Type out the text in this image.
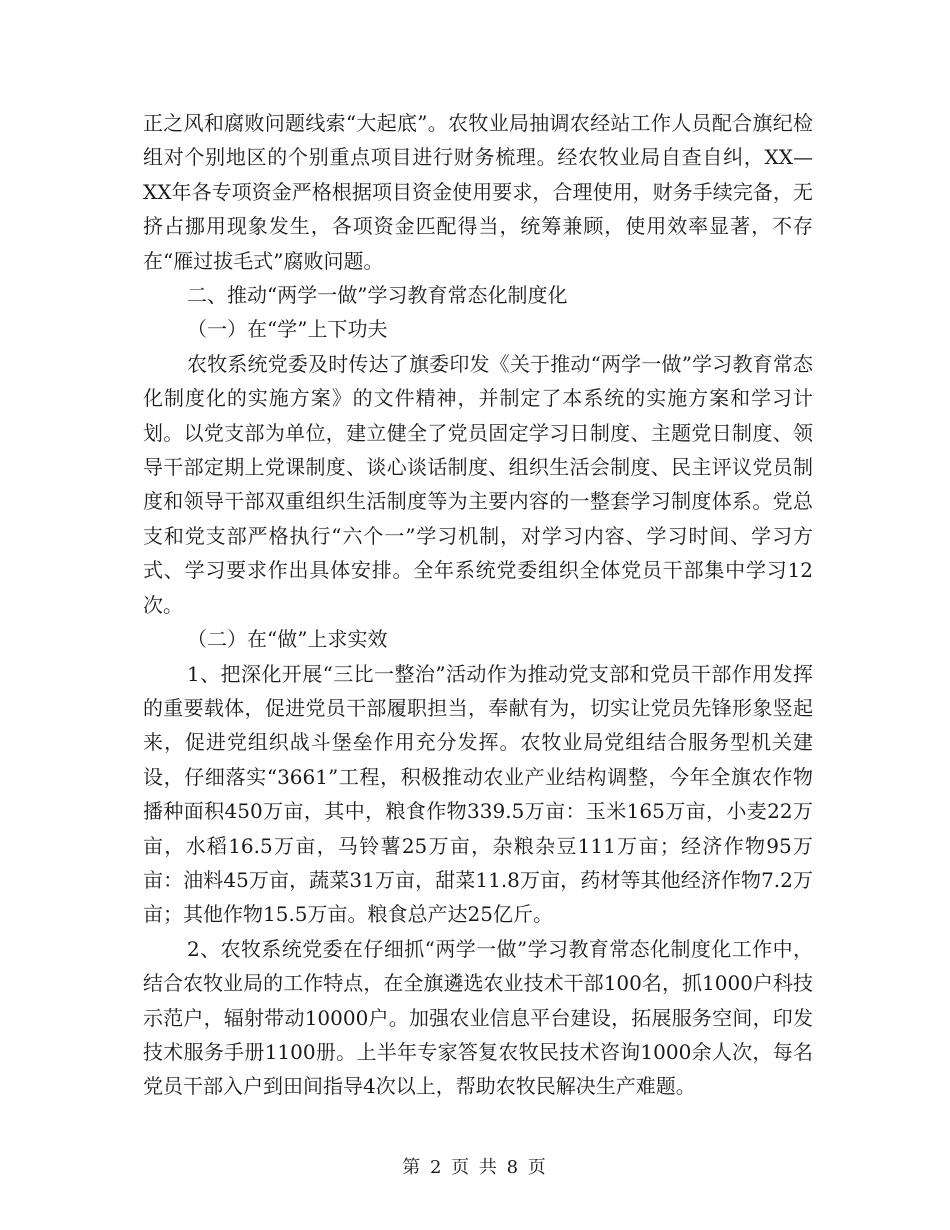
正之风和腐败问题线索“大起底”。农牧业局抽调农经站工作人员配合旗纪检组对个别地区的个别重点项目进行财务梳理。经农牧业局自查自纠，XX—XX年各专项资金严格根据项目资金使用要求，合理使用，财务手续完备，无挤占挪用现象发生，各项资金匹配得当，统筹兼顾，使用效率显著，不存在“雁过拔毛式”腐败问题。

二、推动“两学一做”学习教育常态化制度化

（一）在“学”上下功夫

农牧系统党委及时传达了旗委印发《关于推动“两学一做”学习教育常态化制度化的实施方案》的文件精神，并制定了本系统的实施方案和学习计划。以党支部为单位，建立健全了党员固定学习日制度、主题党日制度、领导干部定期上党课制度、谈心谈话制度、组织生活会制度、民主评议党员制度和领导干部双重组织生活制度等为主要内容的一整套学习制度体系。党总支和党支部严格执行“六个一”学习机制，对学习内容、学习时间、学习方式、学习要求作出具体安排。全年系统党委组织全体党员干部集中学习12次。

（二）在“做”上求实效

1、把深化开展“三比一整治”活动作为推动党支部和党员干部作用发挥的重要载体，促进党员干部履职担当，奉献有为，切实让党员先锋形象竖起来，促进党组织战斗堡垒作用充分发挥。农牧业局党组结合服务型机关建设，仔细落实“3661”工程，积极推动农业产业结构调整，今年全旗农作物播种面积450万亩，其中，粮食作物339.5万亩：玉米165万亩，小麦22万亩，水稻16.5万亩，马铃薯25万亩，杂粮杂豆111万亩；经济作物95万亩：油料45万亩，蔬菜31万亩，甜菜11.8万亩，药材等其他经济作物7.2万亩；其他作物15.5万亩。粮食总产达25亿斤。

2、农牧系统党委在仔细抓“两学一做”学习教育常态化制度化工作中，结合农牧业局的工作特点，在全旗遴选农业技术干部100名，抓1000户科技示范户，辐射带动10000户。加强农业信息平台建设，拓展服务空间，印发技术服务手册1100册。上半年专家答复农牧民技术咨询1000余人次，每名党员干部入户到田间指导4次以上，帮助农牧民解决生产难题。

第 2 页 共 8 页
